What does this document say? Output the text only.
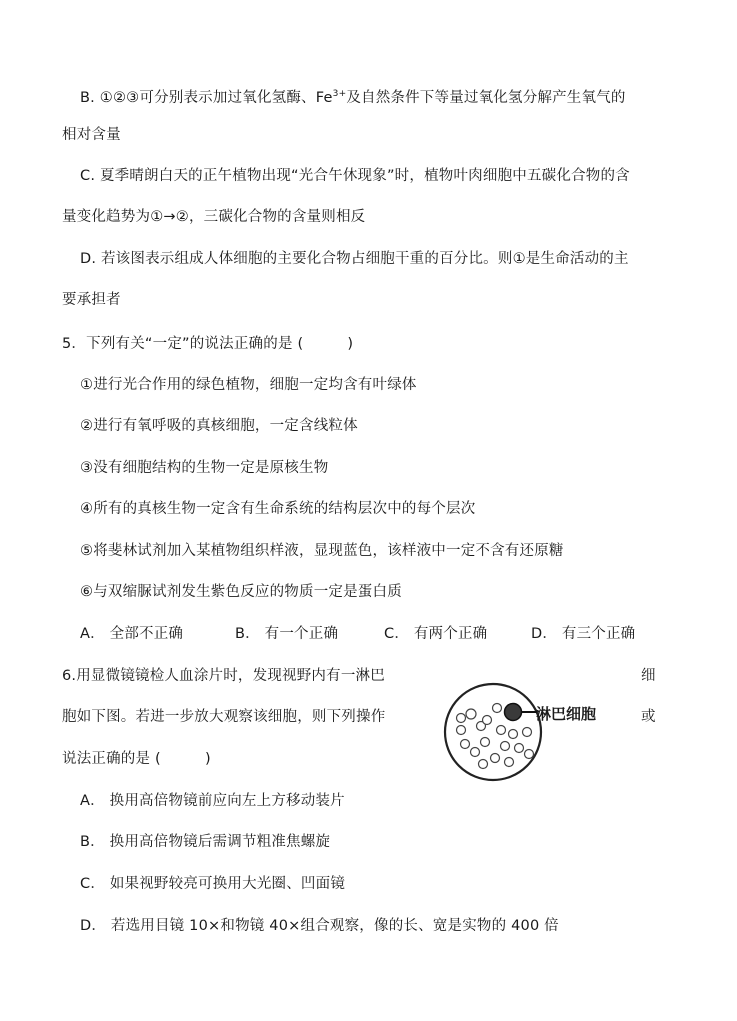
B. ①②③可分别表示加过氧化氢酶、$Fe^{3+}$及自然条件下等量过氧化氢分解产生氧气的
相对含量
C. 夏季晴朗白天的正午植物出现“光合午休现象”时，植物叶肉细胞中五碳化合物的含
量变化趋势为①→②，三碳化合物的含量则相反
D. 若该图表示组成人体细胞的主要化合物占细胞干重的百分比。则①是生命活动的主
要承担者
5．下列有关“一定”的说法正确的是 (　　　)
①进行光合作用的绿色植物，细胞一定均含有叶绿体
②进行有氧呼吸的真核细胞，一定含线粒体
③没有细胞结构的生物一定是原核生物
④所有的真核生物一定含有生命系统的结构层次中的每个层次
⑤将斐林试剂加入某植物组织样液，显现蓝色，该样液中一定不含有还原糖
⑥与双缩脲试剂发生紫色反应的物质一定是蛋白质
A． 全部不正确	B． 有一个正确	C． 有两个正确	D． 有三个正确
6.用显微镜镜检人血涂片时，发现视野内有一淋巴	细
胞如下图。若进一步放大观察该细胞，则下列操作	或
说法正确的是 (　　　)
淋巴细胞
A． 换用高倍物镜前应向左上方移动装片
B． 换用高倍物镜后需调节粗准焦螺旋
C． 如果视野较亮可换用大光圈、凹面镜
D． 若选用目镜 10×和物镜 40×组合观察，像的长、宽是实物的 400 倍
